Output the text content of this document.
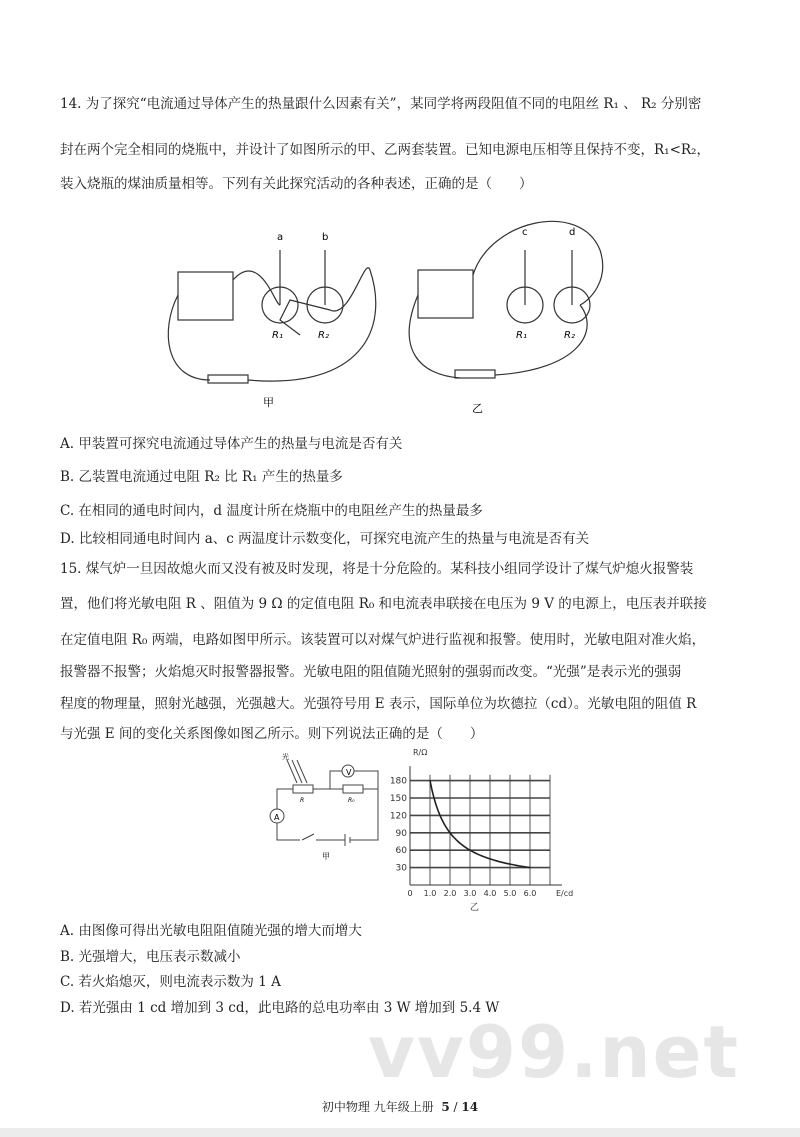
14. 为了探究“电流通过导体产生的热量跟什么因素有关”，某同学将两段阻值不同的电阻丝 R₁ 、 R₂ 分别密
封在两个完全相同的烧瓶中，并设计了如图所示的甲、乙两套装置。已知电源电压相等且保持不变，R₁<R₂，
装入烧瓶的煤油质量相等。下列有关此探究活动的各种表述，正确的是（　　）
a	b	c	d
R₁	R₂	R₁	R₂
甲	乙
A. 甲装置可探究电流通过导体产生的热量与电流是否有关
B. 乙装置电流通过电阻 R₂ 比 R₁ 产生的热量多
C. 在相同的通电时间内，d 温度计所在烧瓶中的电阻丝产生的热量最多
D. 比较相同通电时间内 a、c 两温度计示数变化，可探究电流产生的热量与电流是否有关
15. 煤气炉一旦因故熄火而又没有被及时发现，将是十分危险的。某科技小组同学设计了煤气炉熄火报警装
置，他们将光敏电阻 R 、阻值为 9 Ω 的定值电阻 R₀ 和电流表串联接在电压为 9 V 的电源上，电压表并联接
在定值电阻 R₀ 两端，电路如图甲所示。该装置可以对煤气炉进行监视和报警。使用时，光敏电阻对准火焰，
报警器不报警；火焰熄灭时报警器报警。光敏电阻的阻值随光照射的强弱而改变。“光强”是表示光的强弱
程度的物理量，照射光越强，光强越大。光强符号用 E 表示，国际单位为坎德拉（cd）。光敏电阻的阻值 R
与光强 E 间的变化关系图像如图乙所示。则下列说法正确的是（　　）
V
A
光
R	R₀
甲
30
60
90
120
150
180
0 1.0 2.0 3.0 4.0 5.0 6.0 E/cd
R/Ω
乙
A. 由图像可得出光敏电阻阻值随光强的增大而增大
B. 光强增大，电压表示数减小
C. 若火焰熄灭，则电流表示数为 1 A
D. 若光强由 1 cd 增加到 3 cd，此电路的总电功率由 3 W 增加到 5.4 W
vv99.net
初中物理 九年级上册 5 / 14
